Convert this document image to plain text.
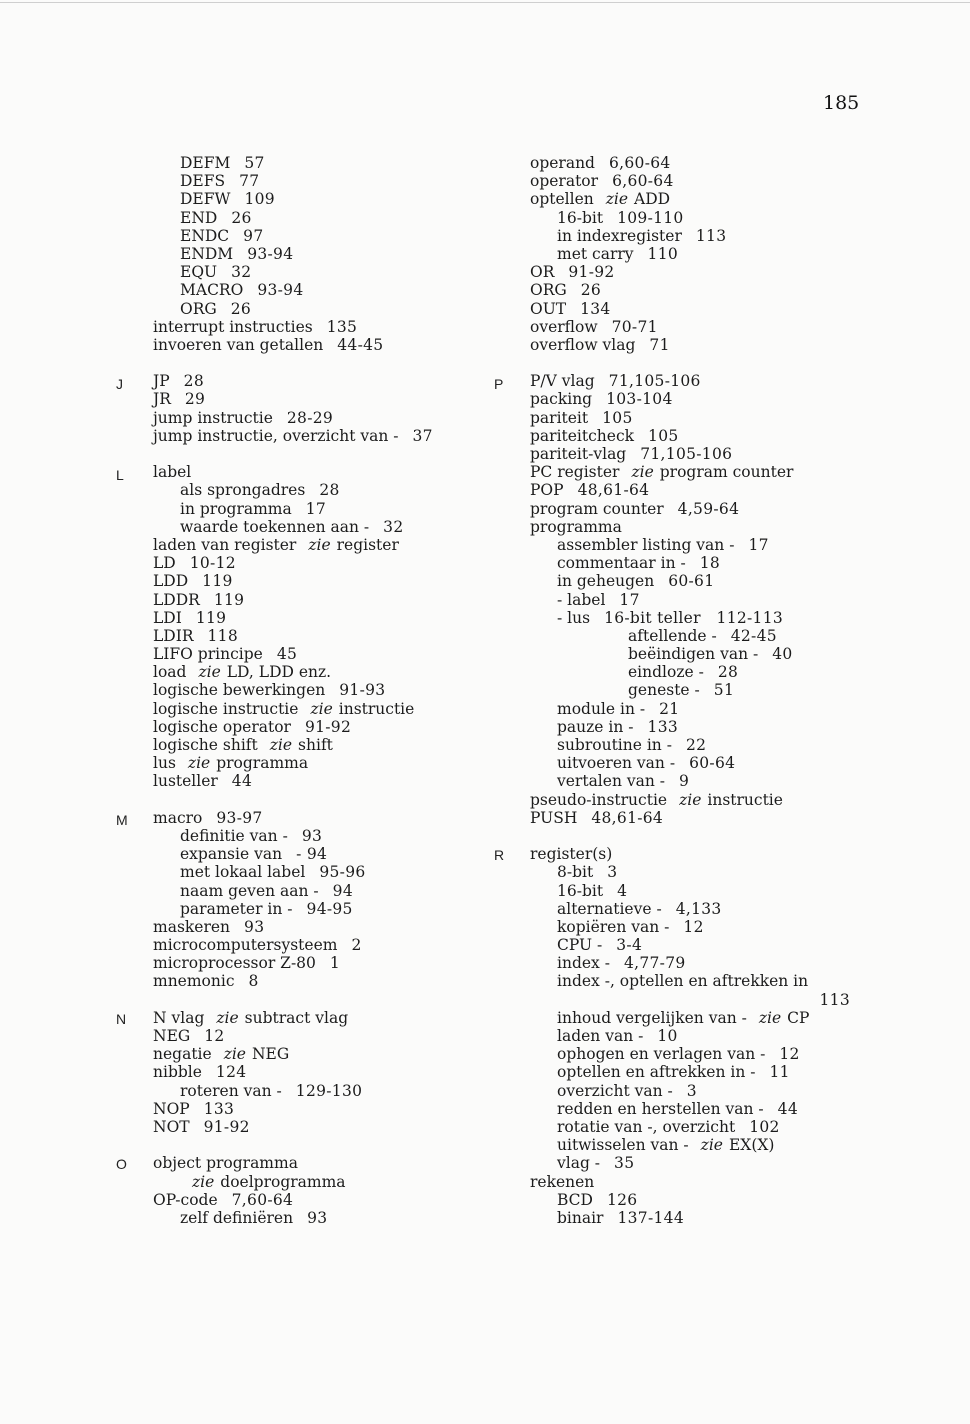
185
J
L
M
N
O
P
R
DEFM 57
DEFS 77
DEFW 109
END 26
ENDC 97
ENDM 93-94
EQU 32
MACRO 93-94
ORG 26
interrupt instructies 135
invoeren van getallen 44-45
JP 28
JR 29
jump instructie 28-29
jump instructie, overzicht van - 37
label
als sprongadres 28
in programma 17
waarde toekennen aan - 32
laden van register zie register
LD 10-12
LDD 119
LDDR 119
LDI 119
LDIR 118
LIFO principe 45
load zie LD, LDD enz.
logische bewerkingen 91-93
logische instructie zie instructie
logische operator 91-92
logische shift zie shift
lus zie programma
lusteller 44
macro 93-97
definitie van - 93
expansie van - 94
met lokaal label 95-96
naam geven aan - 94
parameter in - 94-95
maskeren 93
microcomputersysteem 2
microprocessor Z-80 1
mnemonic 8
N vlag zie subtract vlag
NEG 12
negatie zie NEG
nibble 124
roteren van - 129-130
NOP 133
NOT 91-92
object programma
zie doelprogramma
OP-code 7,60-64
zelf definiëren 93
operand 6,60-64
operator 6,60-64
optellen zie ADD
16-bit 109-110
in indexregister 113
met carry 110
OR 91-92
ORG 26
OUT 134
overflow 70-71
overflow vlag 71
P/V vlag 71,105-106
packing 103-104
pariteit 105
pariteitcheck 105
pariteit-vlag 71,105-106
PC register zie program counter
POP 48,61-64
program counter 4,59-64
programma
assembler listing van - 17
commentaar in - 18
in geheugen 60-61
- label 17
- lus 16-bit teller   112-113
aftellende - 42-45
beëindigen van - 40
eindloze - 28
geneste - 51
module in - 21
pauze in - 133
subroutine in - 22
uitvoeren van - 60-64
vertalen van - 9
pseudo-instructie zie instructie
PUSH 48,61-64
register(s)
8-bit 3
16-bit 4
alternatieve - 4,133
kopiëren van - 12
CPU - 3-4
index - 4,77-79
index -, optellen en aftrekken in
113
inhoud vergelijken van - zie CP
laden van - 10
ophogen en verlagen van - 12
optellen en aftrekken in - 11
overzicht van - 3
redden en herstellen van - 44
rotatie van -, overzicht 102
uitwisselen van - zie EX(X)
vlag - 35
rekenen
BCD 126
binair 137-144
